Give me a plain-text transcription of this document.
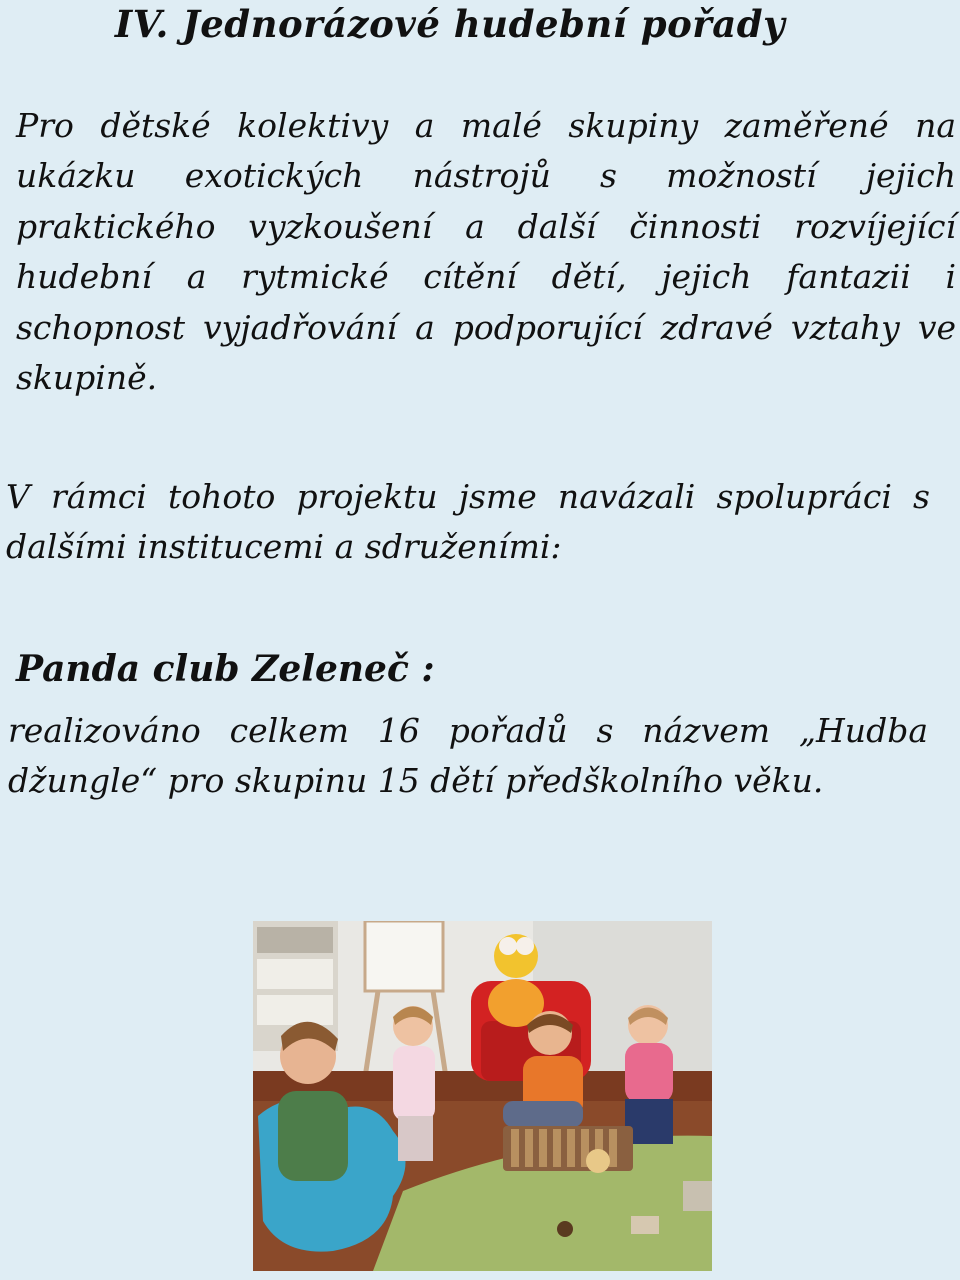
IV. Jednorázové hudební pořady
Pro dětské kolektivy a malé skupiny zaměřené na ukázku exotických nástrojů s možností jejich praktického vyzkoušení a další činnosti rozvíjející hudební a rytmické cítění dětí, jejich fantazii i schopnost vyjadřování a podporující zdravé vztahy ve skupině.
V rámci tohoto projektu jsme navázali spolupráci s dalšími institucemi a sdruženími:
Panda club Zeleneč :
realizováno celkem 16 pořadů s názvem „Hudba džungle“ pro skupinu 15 dětí předškolního věku.
